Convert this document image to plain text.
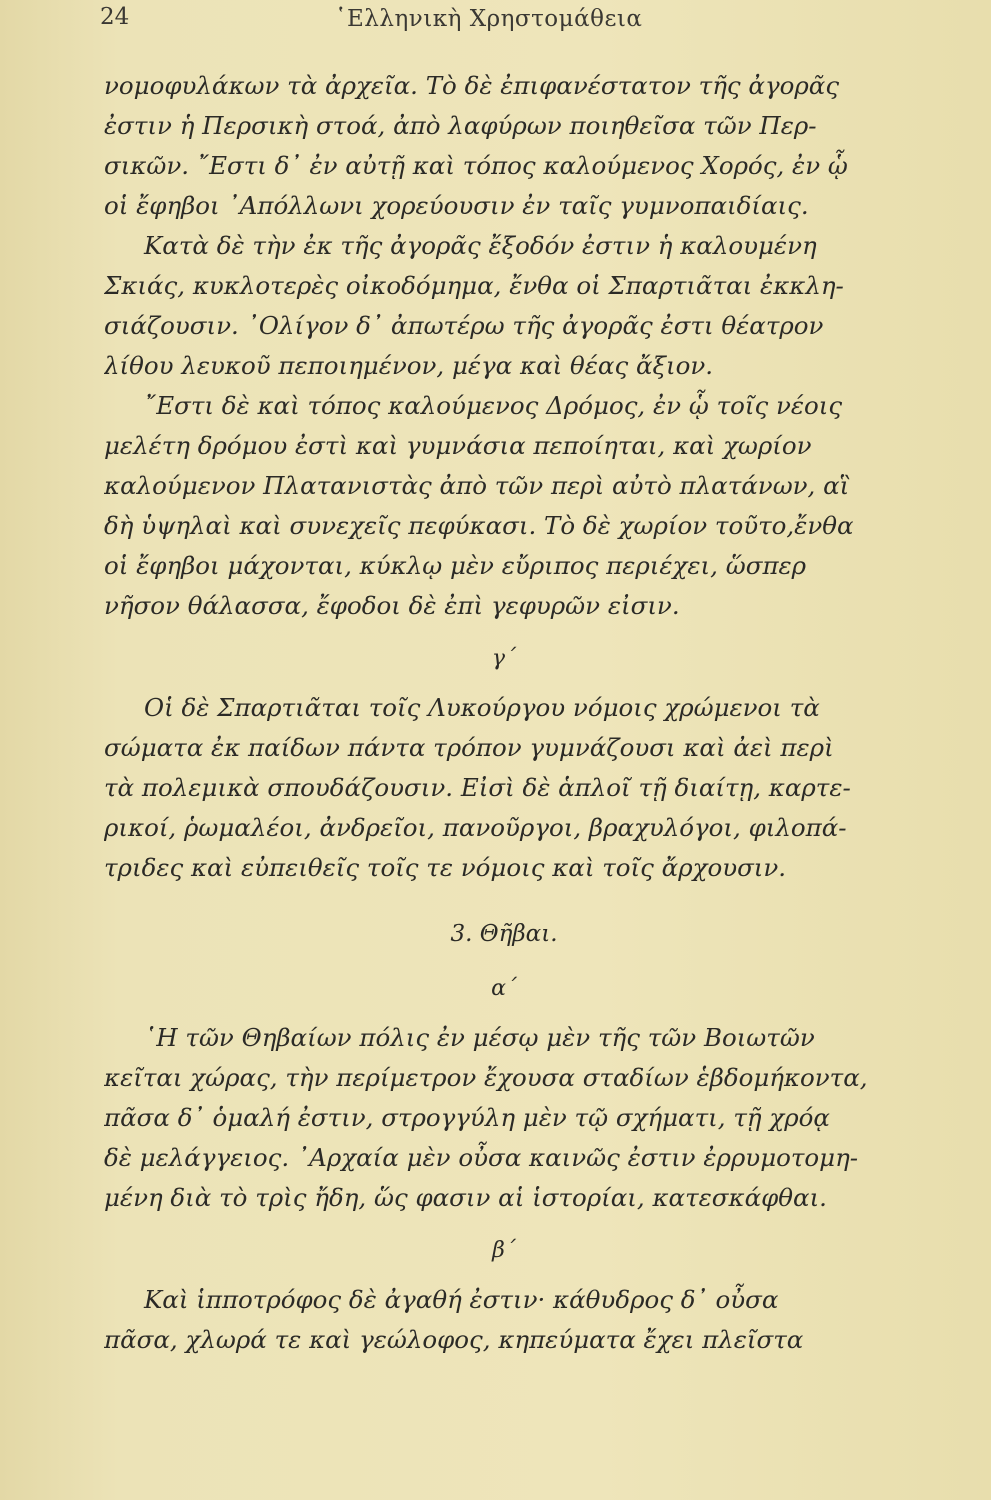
24	῾Ελληνικὴ Χρηστομάθεια

νομοφυλάκων τὰ ἀρχεῖα. Τὸ δὲ ἐπιφανέστατον τῆς ἀγορᾶς
ἐστιν ἡ Περσικὴ στοά, ἀπὸ λαφύρων ποιηθεῖσα τῶν Περ-
σικῶν. ῎Εστι δ᾽ ἐν αὐτῇ καὶ τόπος καλούμενος Χορός, ἐν ᾧ
οἱ ἔφηβοι ᾽Απόλλωνι χορεύουσιν ἐν ταῖς γυμνοπαιδίαις.

Κατὰ δὲ τὴν ἐκ τῆς ἀγορᾶς ἔξοδόν ἐστιν ἡ καλουμένη
Σκιάς, κυκλοτερὲς οἰκοδόμημα, ἔνθα οἱ Σπαρτιᾶται ἐκκλη-
σιάζουσιν. ᾽Ολίγον δ᾽ ἀπωτέρω τῆς ἀγορᾶς ἐστι θέατρον
λίθου λευκοῦ πεποιημένον, μέγα καὶ θέας ἄξιον.

῎Εστι δὲ καὶ τόπος καλούμενος Δρόμος, ἐν ᾧ τοῖς νέοις
μελέτη δρόμου ἐστὶ καὶ γυμνάσια πεποίηται, καὶ χωρίον
καλούμενον Πλατανιστὰς ἀπὸ τῶν περὶ αὐτὸ πλατάνων, αἳ
δὴ ὑψηλαὶ καὶ συνεχεῖς πεφύκασι. Τὸ δὲ χωρίον τοῦτο,ἔνθα
οἱ ἔφηβοι μάχονται, κύκλῳ μὲν εὔριπος περιέχει, ὥσπερ
νῆσον θάλασσα, ἔφοδοι δὲ ἐπὶ γεφυρῶν εἰσιν.

γ´

Οἱ δὲ Σπαρτιᾶται τοῖς Λυκούργου νόμοις χρώμενοι τὰ
σώματα ἐκ παίδων πάντα τρόπον γυμνάζουσι καὶ ἀεὶ περὶ
τὰ πολεμικὰ σπουδάζουσιν. Εἰσὶ δὲ ἁπλοῖ τῇ διαίτῃ, καρτε-
ρικοί, ῥωμαλέοι, ἀνδρεῖοι, πανοῦργοι, βραχυλόγοι, φιλοπά-
τριδες καὶ εὐπειθεῖς τοῖς τε νόμοις καὶ τοῖς ἄρχουσιν.

3. Θῆβαι.
α´

῾Η τῶν Θηβαίων πόλις ἐν μέσῳ μὲν τῆς τῶν Βοιωτῶν
κεῖται χώρας, τὴν περίμετρον ἔχουσα σταδίων ἑβδομήκοντα,
πᾶσα δ᾽ ὁμαλή ἐστιν, στρογγύλη μὲν τῷ σχήματι, τῇ χρόᾳ
δὲ μελάγγειος. ᾽Αρχαία μὲν οὖσα καινῶς ἐστιν ἐρρυμοτομη-
μένη διὰ τὸ τρὶς ἤδη, ὥς φασιν αἱ ἱστορίαι, κατεσκάφθαι.

β´

Καὶ ἱπποτρόφος δὲ ἀγαθή ἐστιν· κάθυδρος δ᾽ οὖσα
πᾶσα, χλωρά τε καὶ γεώλοφος, κηπεύματα ἔχει πλεῖστα
